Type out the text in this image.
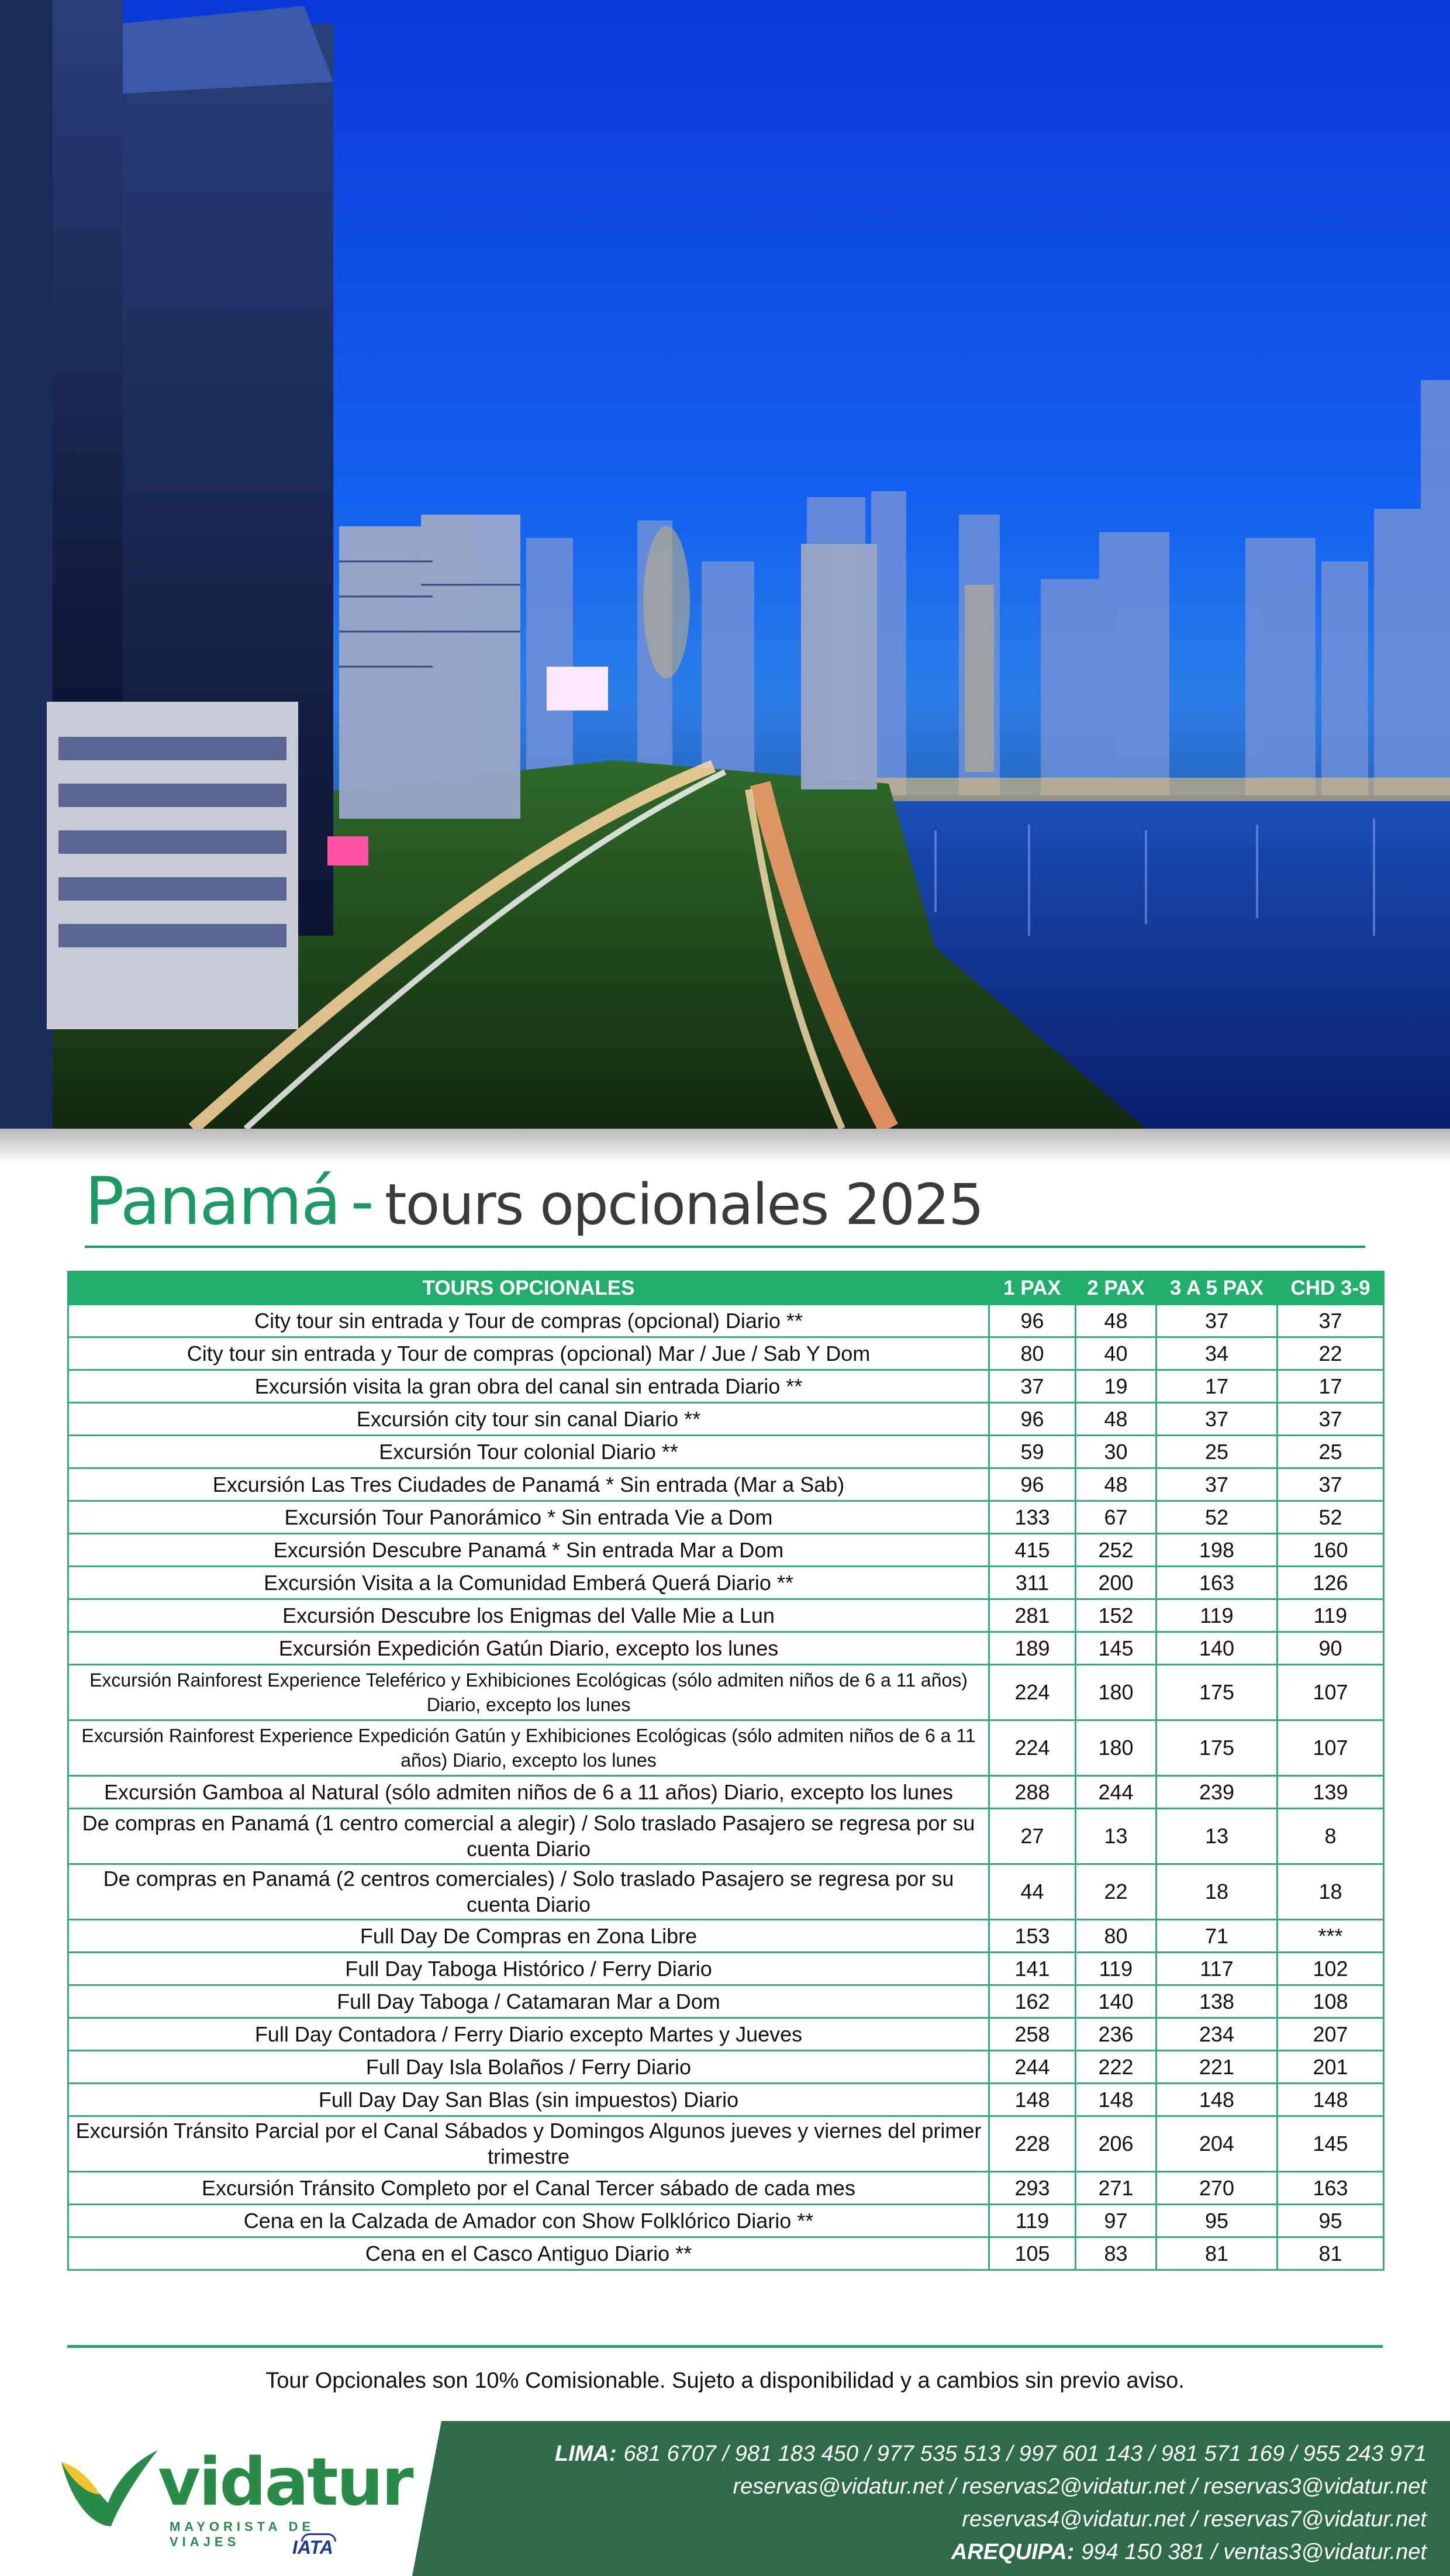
Panamá - tours opcionales 2025
TOURS OPCIONALES	1 PAX	2 PAX	3 A 5 PAX	CHD 3-9
City tour sin entrada y Tour de compras (opcional) Diario **	96	48	37	37
City tour sin entrada y Tour de compras (opcional) Mar / Jue / Sab Y Dom	80	40	34	22
Excursión visita la gran obra del canal sin entrada Diario **	37	19	17	17
Excursión city tour sin canal Diario **	96	48	37	37
Excursión Tour colonial Diario **	59	30	25	25
Excursión Las Tres Ciudades de Panamá * Sin entrada (Mar a Sab)	96	48	37	37
Excursión Tour Panorámico * Sin entrada Vie a Dom	133	67	52	52
Excursión Descubre Panamá * Sin entrada Mar a Dom	415	252	198	160
Excursión Visita a la Comunidad Emberá Querá Diario **	311	200	163	126
Excursión Descubre los Enigmas del Valle Mie a Lun	281	152	119	119
Excursión Expedición Gatún Diario, excepto los lunes	189	145	140	90
Excursión Rainforest Experience Teleférico y Exhibiciones Ecológicas (sólo admiten niños de 6 a 11 años) Diario, excepto los lunes	224	180	175	107
Excursión Rainforest Experience Expedición Gatún y Exhibiciones Ecológicas (sólo admiten niños de 6 a 11 años) Diario, excepto los lunes	224	180	175	107
Excursión Gamboa al Natural (sólo admiten niños de 6 a 11 años) Diario, excepto los lunes	288	244	239	139
De compras en Panamá (1 centro comercial a alegir) / Solo traslado Pasajero se regresa por su cuenta Diario	27	13	13	8
De compras en Panamá (2 centros comerciales) / Solo traslado Pasajero se regresa por su cuenta Diario	44	22	18	18
Full Day De Compras en Zona Libre	153	80	71	***
Full Day Taboga Histórico / Ferry Diario	141	119	117	102
Full Day Taboga / Catamaran Mar a Dom	162	140	138	108
Full Day Contadora / Ferry Diario excepto Martes y Jueves	258	236	234	207
Full Day Isla Bolaños / Ferry Diario	244	222	221	201
Full Day Day San Blas (sin impuestos) Diario	148	148	148	148
Excursión Tránsito Parcial por el Canal Sábados y Domingos Algunos jueves y viernes del primer trimestre	228	206	204	145
Excursión Tránsito Completo por el Canal Tercer sábado de cada mes	293	271	270	163
Cena en la Calzada de Amador con Show Folklórico Diario **	119	97	95	95
Cena en el Casco Antiguo Diario **	105	83	81	81
Tour Opcionales son 10% Comisionable. Sujeto a disponibilidad y a cambios sin previo aviso.
vidatur
MAYORISTA DE VIAJES	IATA
LIMA: 681 6707 / 981 183 450 / 977 535 513 / 997 601 143 / 981 571 169 / 955 243 971
reservas@vidatur.net / reservas2@vidatur.net / reservas3@vidatur.net
reservas4@vidatur.net / reservas7@vidatur.net
AREQUIPA: 994 150 381 / ventas3@vidatur.net
